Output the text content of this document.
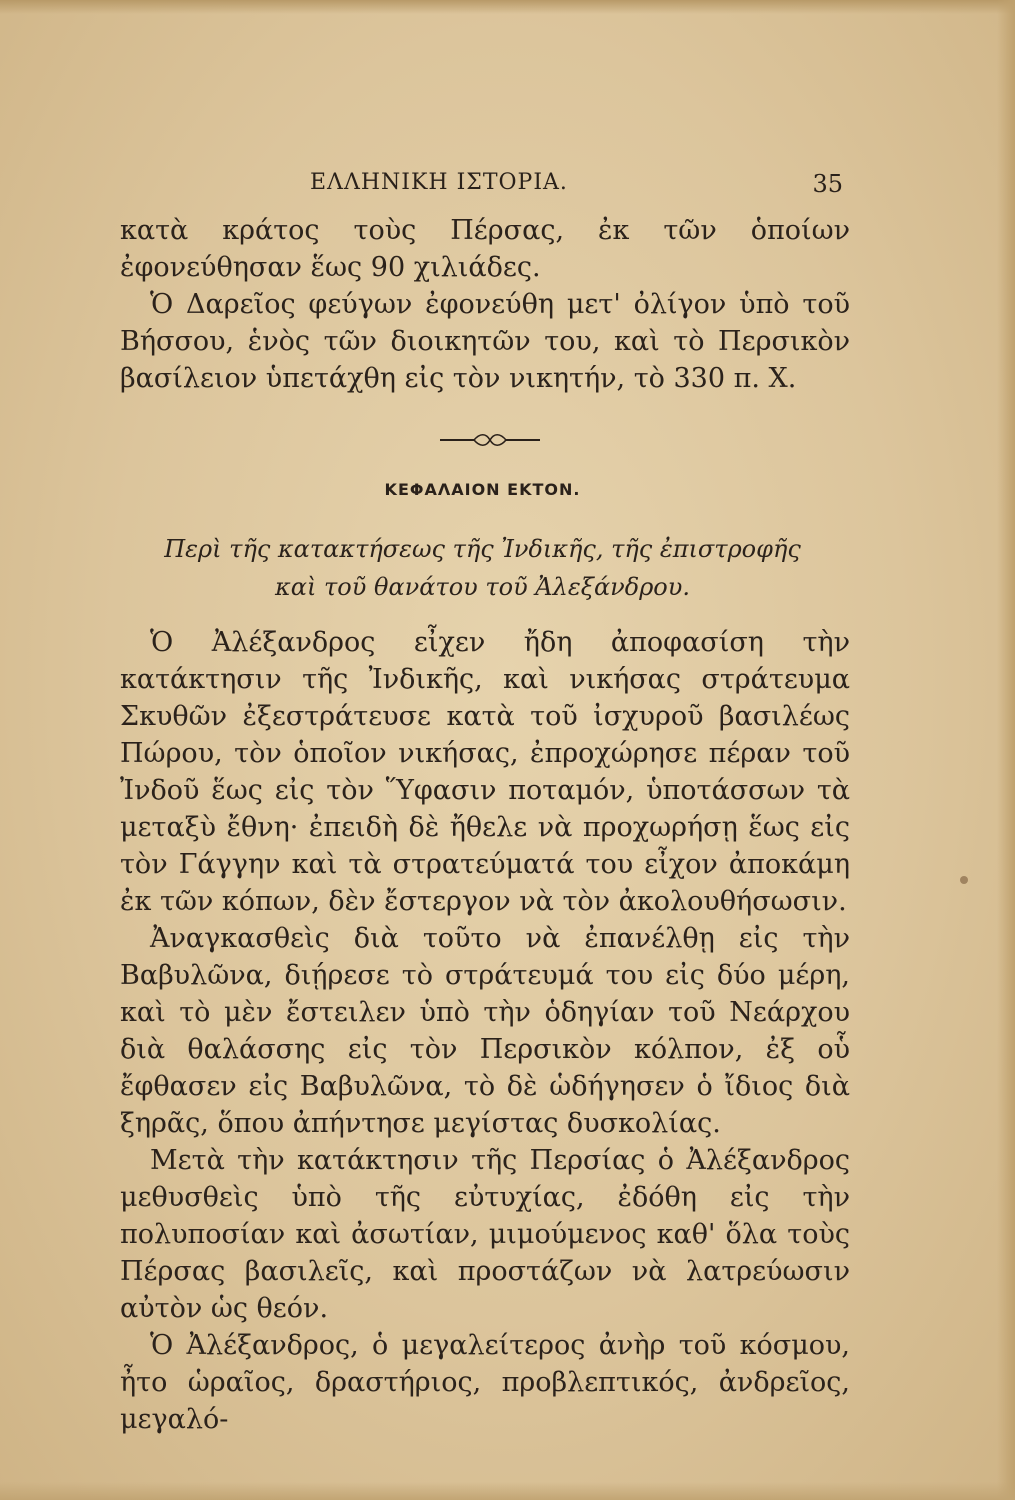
ΕΛΛΗΝΙΚΗ ΙΣΤΟΡΙΑ.	35

κατὰ κράτος τοὺς Πέρσας, ἐκ τῶν ὁποίων ἐφονεύθησαν ἕως 90 χιλιάδες.

Ὁ Δαρεῖος φεύγων ἐφονεύθη μετ' ὀλίγον ὑπὸ τοῦ Βήσσου, ἑνὸς τῶν διοικητῶν του, καὶ τὸ Περσικὸν βασίλειον ὑπετάχθη εἰς τὸν νικητήν, τὸ 330 π. Χ.

ΚΕΦΑΛΑΙΟΝ ΕΚΤΟΝ.
Περὶ τῆς κατακτήσεως τῆς Ἰνδικῆς, τῆς ἐπιστροφῆς
καὶ τοῦ θανάτου τοῦ Ἀλεξάνδρου.

Ὁ Ἀλέξανδρος εἶχεν ἤδη ἀποφασίση τὴν κατάκτησιν τῆς Ἰνδικῆς, καὶ νικήσας στράτευμα Σκυθῶν ἐξεστράτευσε κατὰ τοῦ ἰσχυροῦ βασιλέως Πώρου, τὸν ὁποῖον νικήσας, ἐπροχώρησε πέραν τοῦ Ἰνδοῦ ἕως εἰς τὸν Ὕφασιν ποταμόν, ὑποτάσσων τὰ μεταξὺ ἔθνη· ἐπειδὴ δὲ ἤθελε νὰ προχωρήσῃ ἕως εἰς τὸν Γάγγην καὶ τὰ στρατεύματά του εἶχον ἀποκάμη ἐκ τῶν κόπων, δὲν ἔστεργον νὰ τὸν ἀκολουθήσωσιν.

Ἀναγκασθεὶς διὰ τοῦτο νὰ ἐπανέλθῃ εἰς τὴν Βαβυλῶνα, διῄρεσε τὸ στράτευμά του εἰς δύο μέρη, καὶ τὸ μὲν ἔστειλεν ὑπὸ τὴν ὁδηγίαν τοῦ Νεάρχου διὰ θαλάσσης εἰς τὸν Περσικὸν κόλπον, ἐξ οὗ ἔφθασεν εἰς Βαβυλῶνα, τὸ δὲ ὡδήγησεν ὁ ἴδιος διὰ ξηρᾶς, ὅπου ἀπήντησε μεγίστας δυσκολίας.

Μετὰ τὴν κατάκτησιν τῆς Περσίας ὁ Ἀλέξανδρος μεθυσθεὶς ὑπὸ τῆς εὐτυχίας, ἐδόθη εἰς τὴν πολυποσίαν καὶ ἀσωτίαν, μιμούμενος καθ' ὅλα τοὺς Πέρσας βασιλεῖς, καὶ προστάζων νὰ λατρεύωσιν αὐτὸν ὡς θεόν.

Ὁ Ἀλέξανδρος, ὁ μεγαλείτερος ἀνὴρ τοῦ κόσμου, ἦτο ὡραῖος, δραστήριος, προβλεπτικός, ἀνδρεῖος, μεγαλό-
